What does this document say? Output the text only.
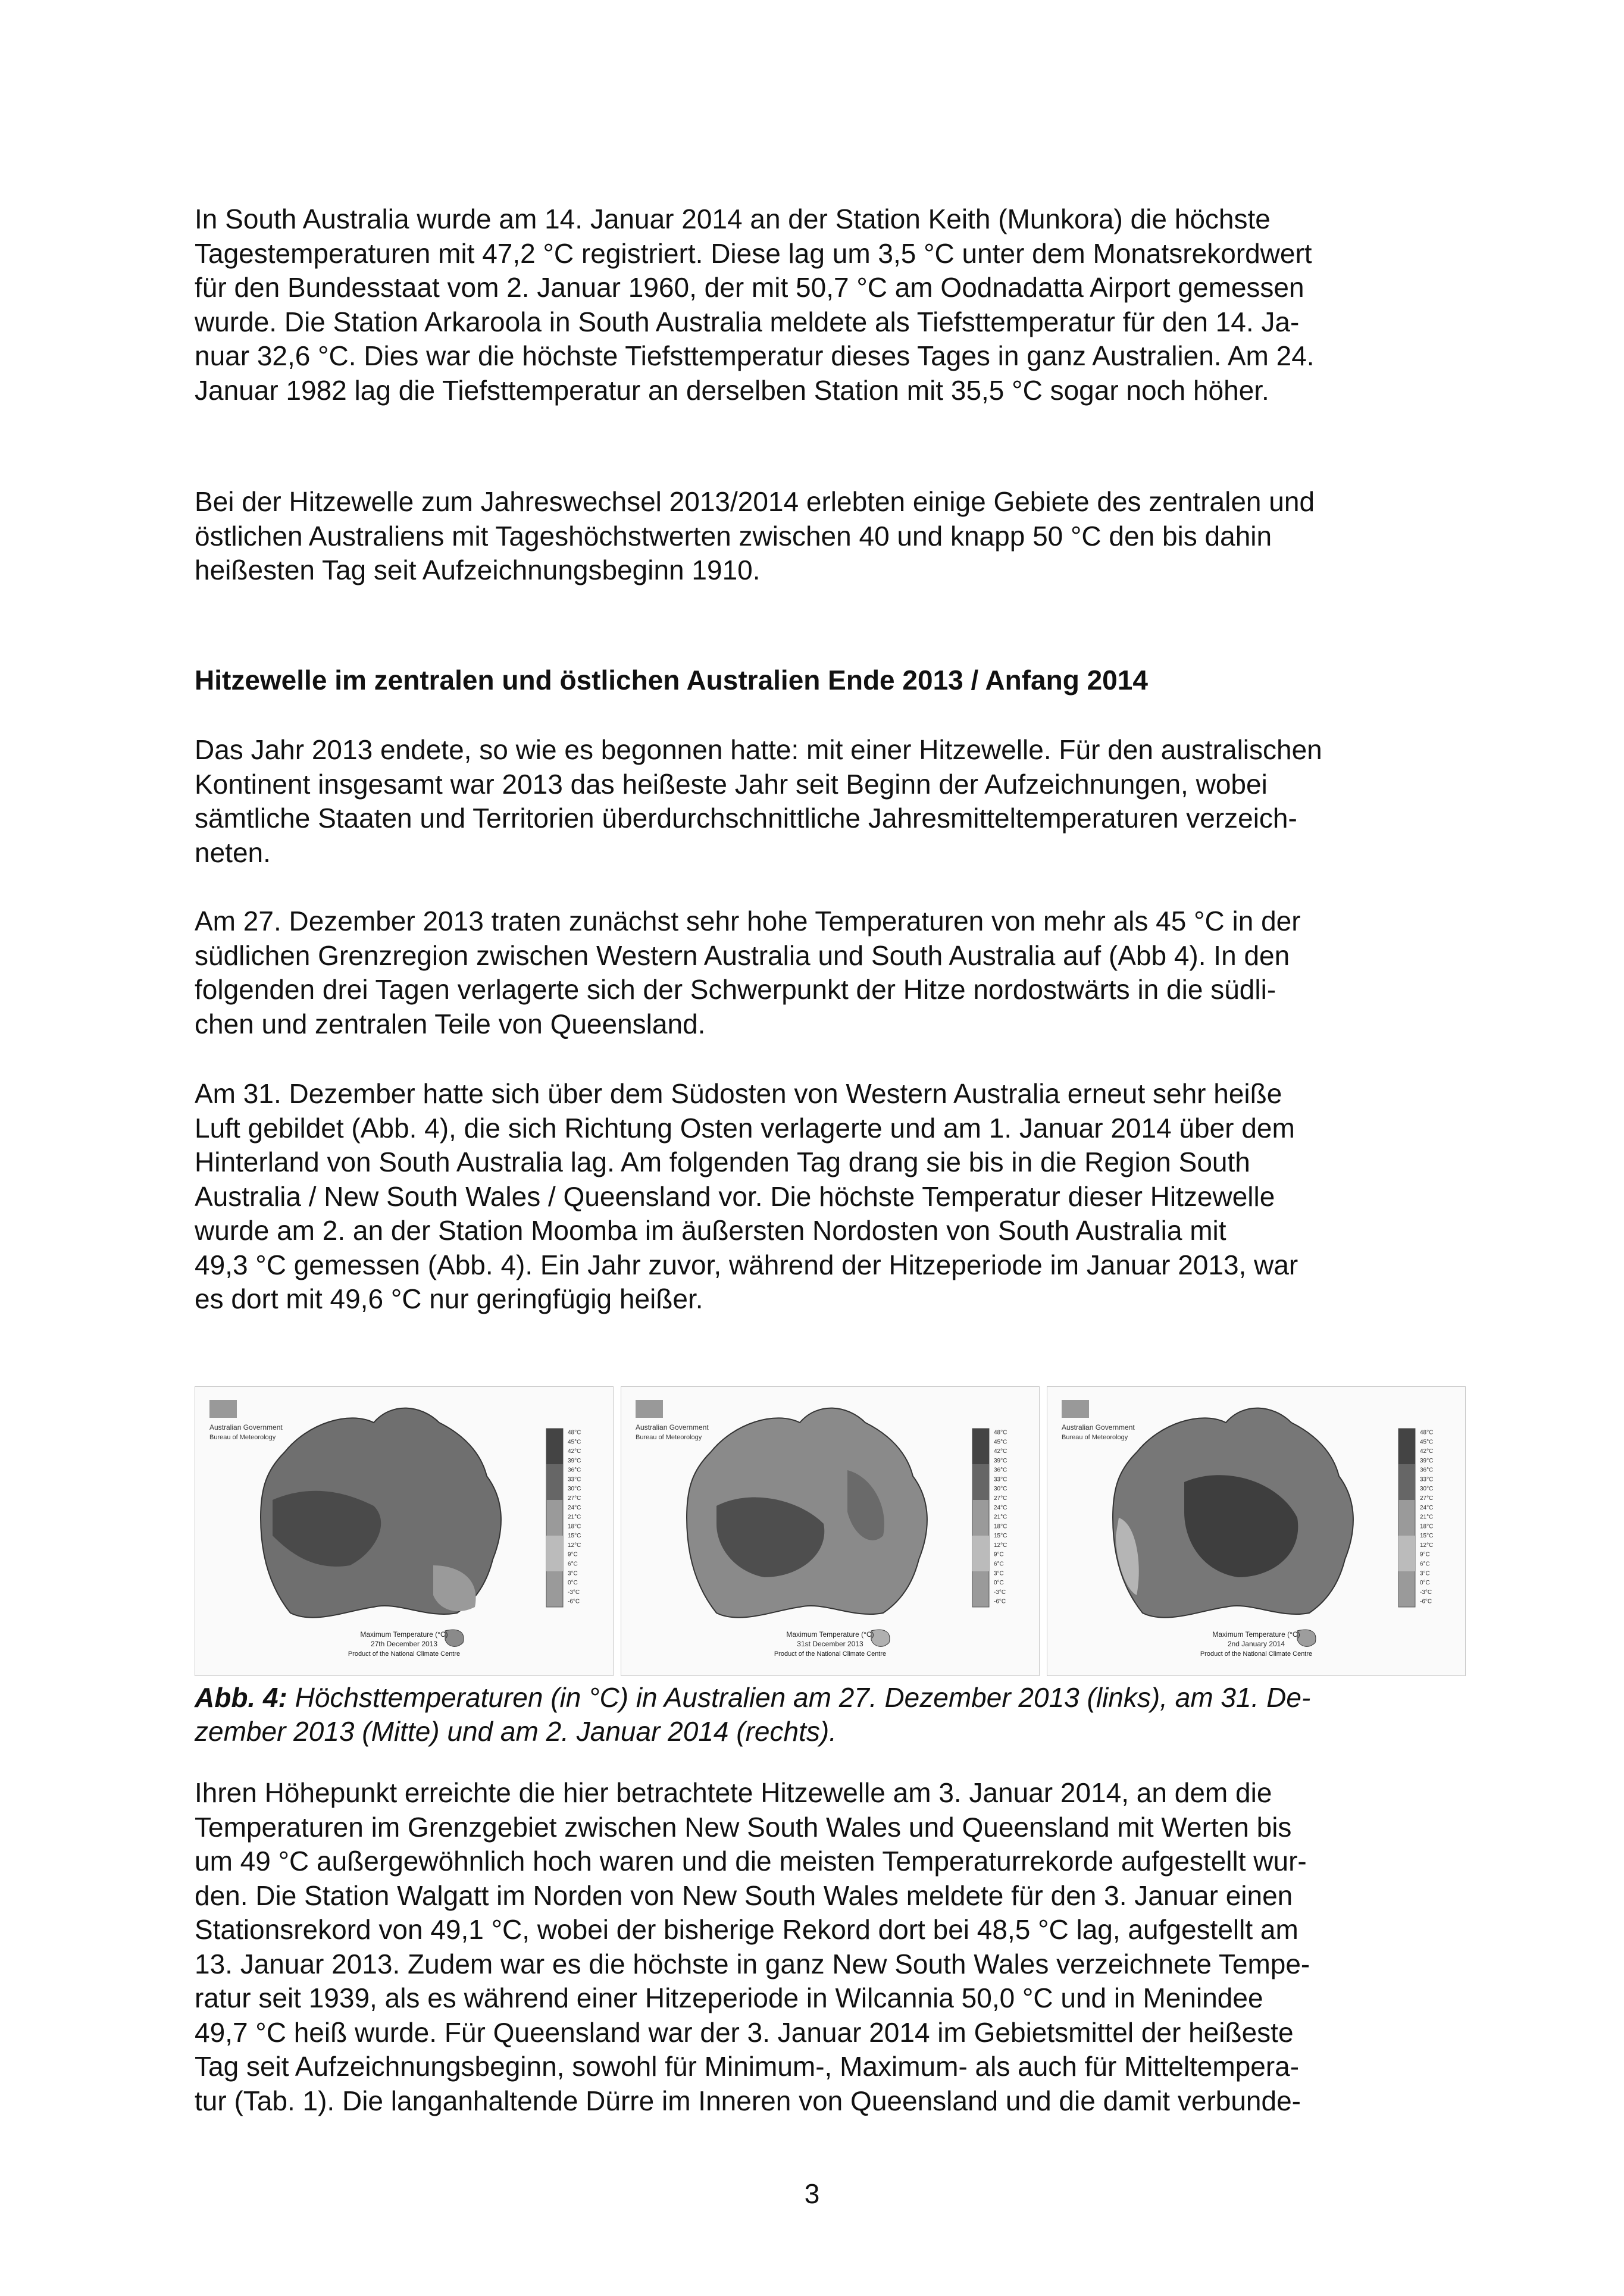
In South Australia wurde am 14. Januar 2014 an der Station Keith (Munkora) die höchste
Tagestemperaturen mit 47,2 °C registriert. Diese lag um 3,5 °C unter dem Monatsrekordwert
für den Bundesstaat vom 2. Januar 1960, der mit 50,7 °C am Oodnadatta Airport gemessen
wurde. Die Station Arkaroola in South Australia meldete als Tiefsttemperatur für den 14. Ja-
nuar 32,6 °C. Dies war die höchste Tiefsttemperatur dieses Tages in ganz Australien. Am 24.
Januar 1982 lag die Tiefsttemperatur an derselben Station mit 35,5 °C sogar noch höher.

Bei der Hitzewelle zum Jahreswechsel 2013/2014 erlebten einige Gebiete des zentralen und
östlichen Australiens mit Tageshöchstwerten zwischen 40 und knapp 50 °C den bis dahin
heißesten Tag seit Aufzeichnungsbeginn 1910.

Hitzewelle im zentralen und östlichen Australien Ende 2013 / Anfang 2014

Das Jahr 2013 endete, so wie es begonnen hatte: mit einer Hitzewelle. Für den australischen
Kontinent insgesamt war 2013 das heißeste Jahr seit Beginn der Aufzeichnungen, wobei
sämtliche Staaten und Territorien überdurchschnittliche Jahresmitteltemperaturen verzeich-
neten.

Am 27. Dezember 2013 traten zunächst sehr hohe Temperaturen von mehr als 45 °C in der
südlichen Grenzregion zwischen Western Australia und South Australia auf (Abb 4). In den
folgenden drei Tagen verlagerte sich der Schwerpunkt der Hitze nordostwärts in die südli-
chen und zentralen Teile von Queensland.

Am 31. Dezember hatte sich über dem Südosten von Western Australia erneut sehr heiße
Luft gebildet (Abb. 4), die sich Richtung Osten verlagerte und am 1. Januar 2014 über dem
Hinterland von South Australia lag. Am folgenden Tag drang sie bis in die Region South
Australia / New South Wales / Queensland vor. Die höchste Temperatur dieser Hitzewelle
wurde am 2. an der Station Moomba im äußersten Nordosten von South Australia mit
49,3 °C gemessen (Abb. 4). Ein Jahr zuvor, während der Hitzeperiode im Januar 2013, war
es dort mit 49,6 °C nur geringfügig heißer.

Australian Government
Bureau of Meteorology
48°C
45°C
42°C
39°C
36°C
33°C
30°C
27°C
24°C
21°C
18°C
15°C
12°C
9°C
6°C
3°C
0°C
-3°C
-6°C
Maximum Temperature (°C)
27th December 2013
Product of the National Climate Centre
Australian Government
Bureau of Meteorology
48°C
45°C
42°C
39°C
36°C
33°C
30°C
27°C
24°C
21°C
18°C
15°C
12°C
9°C
6°C
3°C
0°C
-3°C
-6°C
Maximum Temperature (°C)
31st December 2013
Product of the National Climate Centre
Australian Government
Bureau of Meteorology
48°C
45°C
42°C
39°C
36°C
33°C
30°C
27°C
24°C
21°C
18°C
15°C
12°C
9°C
6°C
3°C
0°C
-3°C
-6°C
Maximum Temperature (°C)
2nd January 2014
Product of the National Climate Centre

Abb. 4: Höchsttemperaturen (in °C) in Australien am 27. Dezember 2013 (links), am 31. De-
zember 2013 (Mitte) und am 2. Januar 2014 (rechts).

Ihren Höhepunkt erreichte die hier betrachtete Hitzewelle am 3. Januar 2014, an dem die
Temperaturen im Grenzgebiet zwischen New South Wales und Queensland mit Werten bis
um 49 °C außergewöhnlich hoch waren und die meisten Temperaturrekorde aufgestellt wur-
den. Die Station Walgatt im Norden von New South Wales meldete für den 3. Januar einen
Stationsrekord von 49,1 °C, wobei der bisherige Rekord dort bei 48,5 °C lag, aufgestellt am
13. Januar 2013. Zudem war es die höchste in ganz New South Wales verzeichnete Tempe-
ratur seit 1939, als es während einer Hitzeperiode in Wilcannia 50,0 °C und in Menindee
49,7 °C heiß wurde. Für Queensland war der 3. Januar 2014 im Gebietsmittel der heißeste
Tag seit Aufzeichnungsbeginn, sowohl für Minimum-, Maximum- als auch für Mitteltempera-
tur (Tab. 1). Die langanhaltende Dürre im Inneren von Queensland und die damit verbunde-

3
